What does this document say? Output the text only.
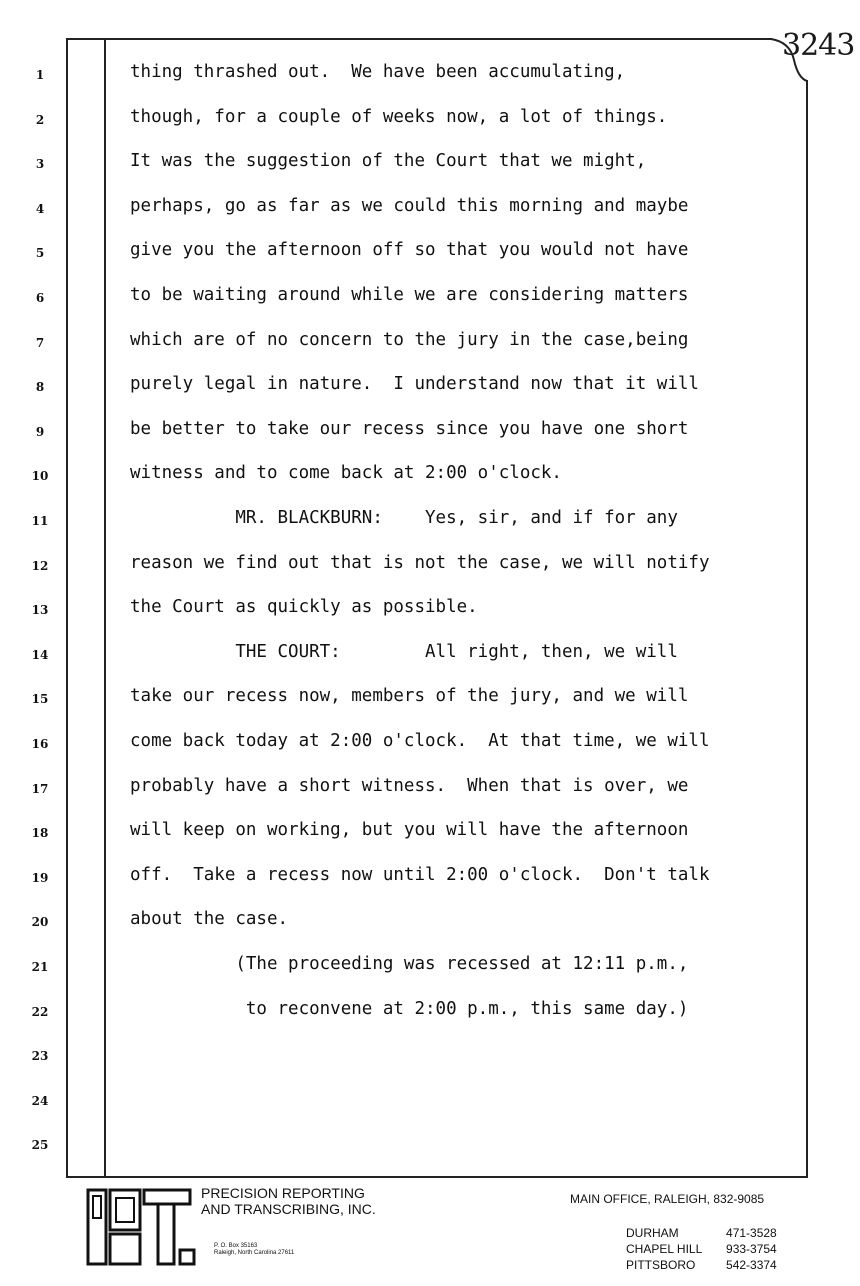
3243
1	thing thrashed out.  We have been accumulating,
2	though, for a couple of weeks now, a lot of things.
3	It was the suggestion of the Court that we might,
4	perhaps, go as far as we could this morning and maybe
5	give you the afternoon off so that you would not have
6	to be waiting around while we are considering matters
7	which are of no concern to the jury in the case,being
8	purely legal in nature.  I understand now that it will
9	be better to take our recess since you have one short
10	witness and to come back at 2:00 o'clock.
11	MR. BLACKBURN:    Yes, sir, and if for any
12	reason we find out that is not the case, we will notify
13	the Court as quickly as possible.
14	THE COURT:        All right, then, we will
15	take our recess now, members of the jury, and we will
16	come back today at 2:00 o'clock.  At that time, we will
17	probably have a short witness.  When that is over, we
18	will keep on working, but you will have the afternoon
19	off.  Take a recess now until 2:00 o'clock.  Don't talk
20	about the case.
21	(The proceeding was recessed at 12:11 p.m.,
22	to reconvene at 2:00 p.m., this same day.)
23
24
25
PRECISION REPORTING
AND TRANSCRIBING, INC.
P. O. Box 35163
Raleigh, North Carolina 27611
MAIN OFFICE, RALEIGH, 832-9085

DURHAM	471-3528

CHAPEL HILL 933-3754

PITTSBORO	542-3374
